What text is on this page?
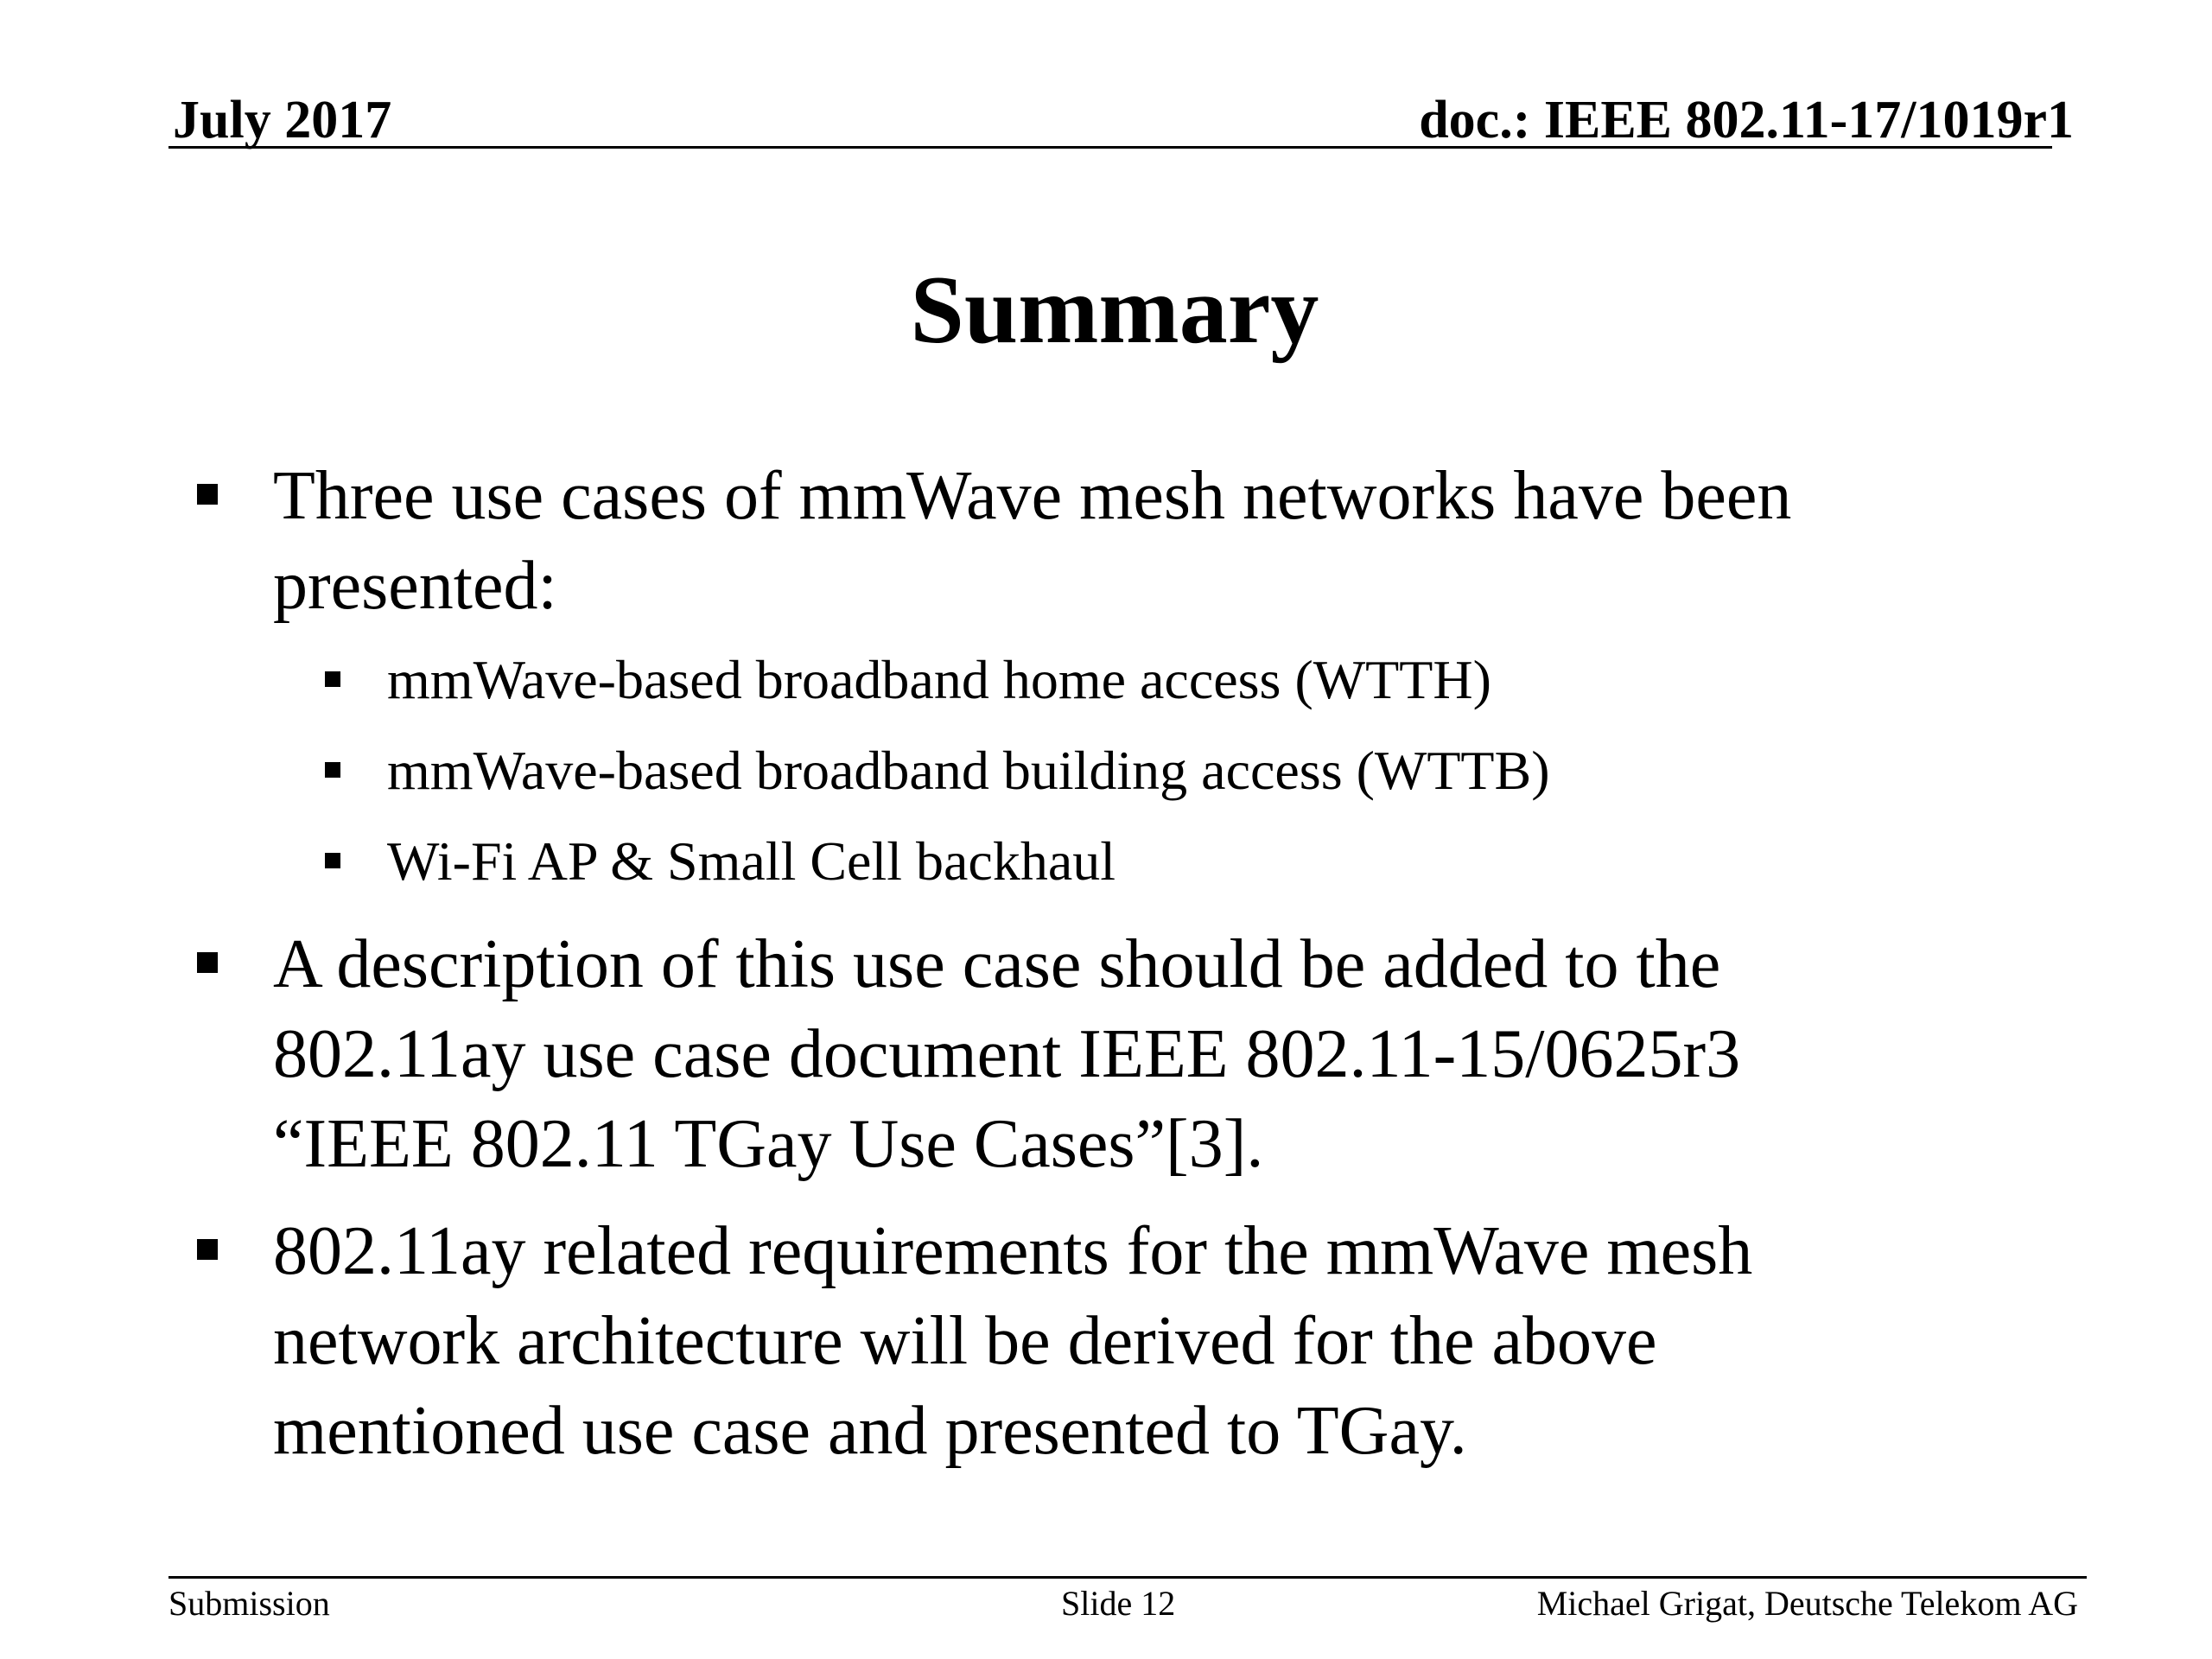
July 2017	doc.: IEEE 802.11-17/1019r1
Summary
Three use cases of mmWave mesh networks have been
presented:
mmWave-based broadband home access (WTTH)
mmWave-based broadband building access (WTTB)
Wi-Fi AP & Small Cell backhaul
A description of this use case should be added to the
802.11ay use case document IEEE 802.11-15/0625r3
“IEEE 802.11 TGay Use Cases”[3].
802.11ay related requirements for the mmWave mesh
network architecture will be derived for the above
mentioned use case and presented to TGay.
Submission	Slide 12	Michael Grigat, Deutsche Telekom AG
